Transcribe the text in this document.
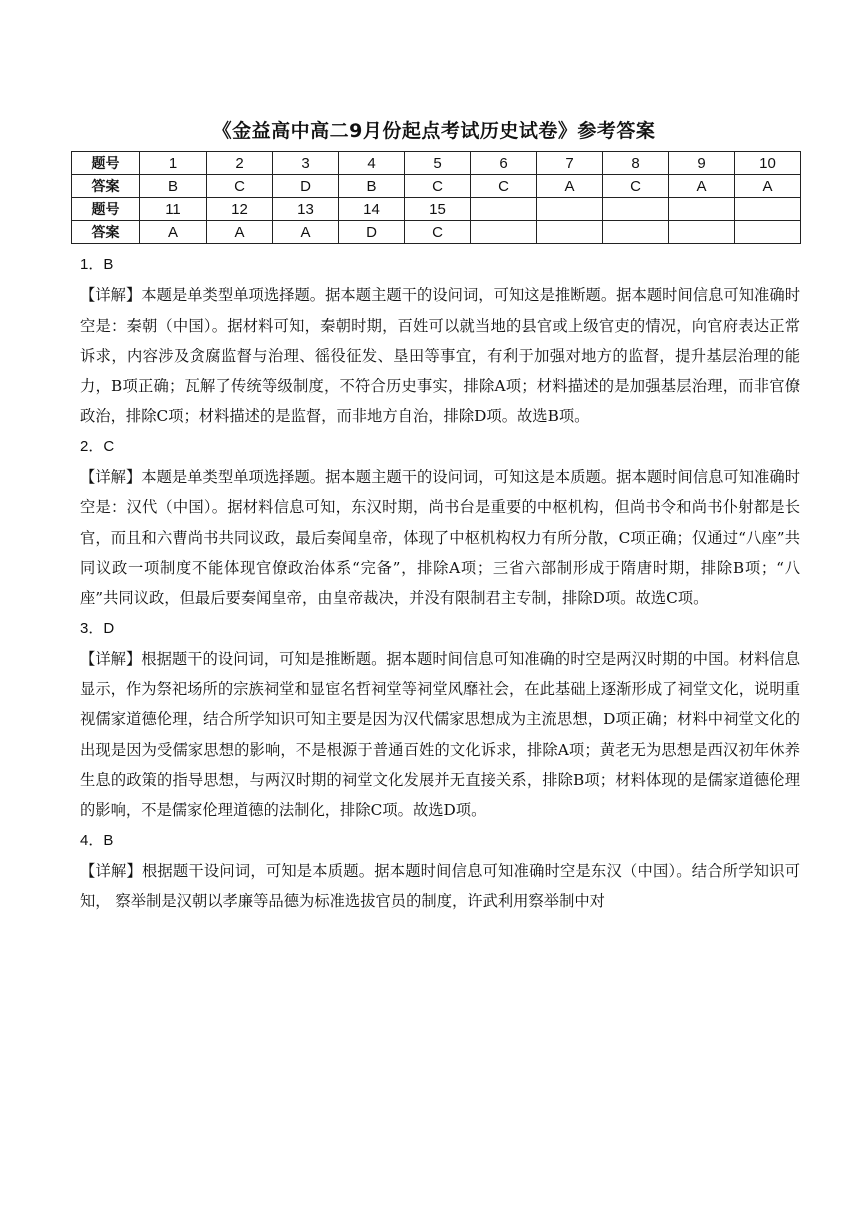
《金益高中高二9月份起点考试历史试卷》参考答案
题号	1	2	3	4	5	6	7	8	9	10
答案	B	C	D	B	C	C	A	C	A	A
题号	11	12	13	14	15					
答案	A	A	A	D	C					
1．B

【详解】本题是单类型单项选择题。据本题主题干的设问词，可知这是推断题。据本题时间信息可知准确时空是：秦朝（中国）。据材料可知，秦朝时期，百姓可以就当地的县官或上级官吏的情况，向官府表达正常诉求，内容涉及贪腐监督与治理、徭役征发、垦田等事宜，有利于加强对地方的监督，提升基层治理的能力，B项正确；瓦解了传统等级制度，不符合历史事实，排除A项；材料描述的是加强基层治理，而非官僚政治，排除C项；材料描述的是监督，而非地方自治，排除D项。故选B项。

2．C

【详解】本题是单类型单项选择题。据本题主题干的设问词，可知这是本质题。据本题时间信息可知准确时空是：汉代（中国）。据材料信息可知，东汉时期，尚书台是重要的中枢机构，但尚书令和尚书仆射都是长官，而且和六曹尚书共同议政，最后奏闻皇帝，体现了中枢机构权力有所分散，C项正确；仅通过“八座”共同议政一项制度不能体现官僚政治体系“完备”，排除A项；三省六部制形成于隋唐时期，排除B项；“八座”共同议政，但最后要奏闻皇帝，由皇帝裁决，并没有限制君主专制，排除D项。故选C项。

3．D

【详解】根据题干的设问词，可知是推断题。据本题时间信息可知准确的时空是两汉时期的中国。材料信息显示，作为祭祀场所的宗族祠堂和显宦名哲祠堂等祠堂风靡社会，在此基础上逐渐形成了祠堂文化，说明重视儒家道德伦理，结合所学知识可知主要是因为汉代儒家思想成为主流思想，D项正确；材料中祠堂文化的出现是因为受儒家思想的影响，不是根源于普通百姓的文化诉求，排除A项；黄老无为思想是西汉初年休养生息的政策的指导思想，与两汉时期的祠堂文化发展并无直接关系，排除B项；材料体现的是儒家道德伦理的影响，不是儒家伦理道德的法制化，排除C项。故选D项。

4．B

【详解】根据题干设问词，可知是本质题。据本题时间信息可知准确时空是东汉（中国）。结合所学知识可知， 察举制是汉朝以孝廉等品德为标准选拔官员的制度，许武利用察举制中对
